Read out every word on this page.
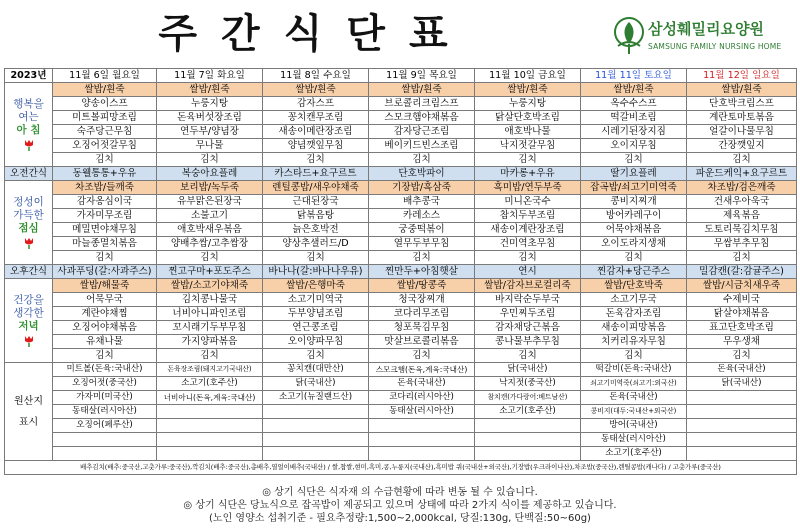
주간식단표	삼성훼밀리요양원
SAMSUNG FAMILY NURSING HOME
2023년	11월 6일 월요일	11월 7일 화요일	11월 8일 수요일	11월 9일 목요일	11월 10일 금요일	11월 11일 토요일	11월 12일 일요일

행복을
여는
아 침	쌀밥/흰죽	쌀밥/흰죽	쌀밥/흰죽	쌀밥/흰죽	쌀밥/흰죽	쌀밥/흰죽	쌀밥/흰죽
	양송이스프	누룽지탕	감자스프	브로콜리크림스프	누룽지탕	옥수수스프	단호박크림스프
	미트볼피망조림	돈육버섯장조림	꽁치캔무조림	스모크햄야채볶음	닭살단호박조림	떡갈비조림	계란토마토볶음
	숙주당근무침	연두부/양념장	새송이메란장조림	감자당근조림	애호박나물	시레기된장지짐	얼갈이나물무침
	오징어젓갈무침	무나물	양념깻잎무침	베이키드빈스조림	낙지젓갈무침	오이지무침	간장깻잎지
	김치	김치	김치	김치	김치	김치	김치
오전간식	동웰통통+우유	복숭아요플레	카스타드+요구르트	단호박파이	마카롱+우유	딸기요플레	파운드케익+요구르트

정성이
가득한
점심	차조밥/들깨죽	보리밥/녹두죽	렌틸콩밥/새우야채죽	기장밥/흑삼죽	흑미밥/연두부죽	잡곡밥/쇠고기미역죽	차조밥/검은깨죽
	감자옹심이국	유부맑은된장국	근대된장국	배추콩국	미니온국수	콩비지찌개	건새우아욱국
	가자미무조림	소불고기	닭볶음탕	카레소스	참치두부조림	방어카레구이	제육볶음
	메밀면야채무침	애호박새우볶음	늙은호박전	궁중떡볶이	새송이계란장조림	어묵야채볶음	도토리묵김치무침
	마늘종멸치볶음	양배추쌈/고추쌈장	양상추샐러드/D	열무두부무침	건미역초무침	오이도라지생채	무쌈부추무침
	김치	김치	김치	김치	김치	김치	김치
오후간식	사과푸딩(갈:사과주스)	찐고구마+포도주스	바나나(갈:바나나우유)	찐만두+아침햇살	연시	찐감자+당근주스	밀감캔(갈:감귤주스)

건강을
생각한
저녁	쌀밥/해물죽	쌀밥/소고기야채죽	쌀밥/은행마죽	쌀밥/땅콩죽	쌀밥/감자브로컬리죽	쌀밥/단호박죽	쌀밥/시금치새우죽
	어묵무국	김치콩나물국	소고기미역국	청국장찌개	바지락순두부국	소고기무국	수제비국
	계란야채찜	너비아니파인조림	두부양념조림	코다리무조림	우민찌두조림	돈육감자조림	닭살야채볶음
	오징어야채볶음	꼬시래기두부무침	연근콩조림	청포묵김무침	감자채당근볶음	새송이피망볶음	표고단호박조림
	유채나물	가지양파볶음	오이양파무침	맛살브로콜리볶음	콩나물부추무침	치커리유자무침	무우생채
	김치	김치	김치	김치	김치	김치	김치

원산지
표시	미트볼(돈육:국내산)	돈육장조림(돼지고기국내산)	꽁치캔(대만산)	스모크햄(돈육,계육:국내산)	닭(국내산)	떡갈비(돈육:국내산)	돈육(국내산)
	오징어젓(중국산)	소고기(호주산)	닭(국내산)	돈육(국내산)	낙지젓(중국산)	쇠고기미역죽(쇠고기:외국산)	닭(국내산)
	가자미(미국산)	너비아니(돈육,계육:국내산)	소고기(뉴질랜드산)	코다리(러시아산)	참치캔(가다랑어:베트남산)	돈육(국내산)	
	동태살(러시아산)			동태살(러시아산)	소고기(호주산)	콩비지(대두:국내산+외국산)	
	오징어(페루산)					방어(국내산)	
						동태살(러시아산)	
						소고기(호주산)	
배추김치(배추:중국산,고춧가루:중국산),깍김치(배추:중국산),총배추,열얼이배추(국내산) / 쌀,찹쌀,현미,흑미,콩,누룽지(국내산),흑미밥 쿼(국내산+외국산),기장밥(우크라이나산),차조밥(중국산),렌틸콩밥(캐나다) / 고춧가루(중국산)							
◎ 상기 식단은 식자재 의 수급현황에 따라 변동 될 수 있습니다.
◎ 상기 식단은 당뇨식으로 잡곡밥이 제공되고 있으며 상태에 따라 2가지 식이를 제공하고 있습니다.
(노인 영양소 섭취기준 - 필요추정량:1,500~2,000kcal, 당질:130g, 단백질:50~60g)
